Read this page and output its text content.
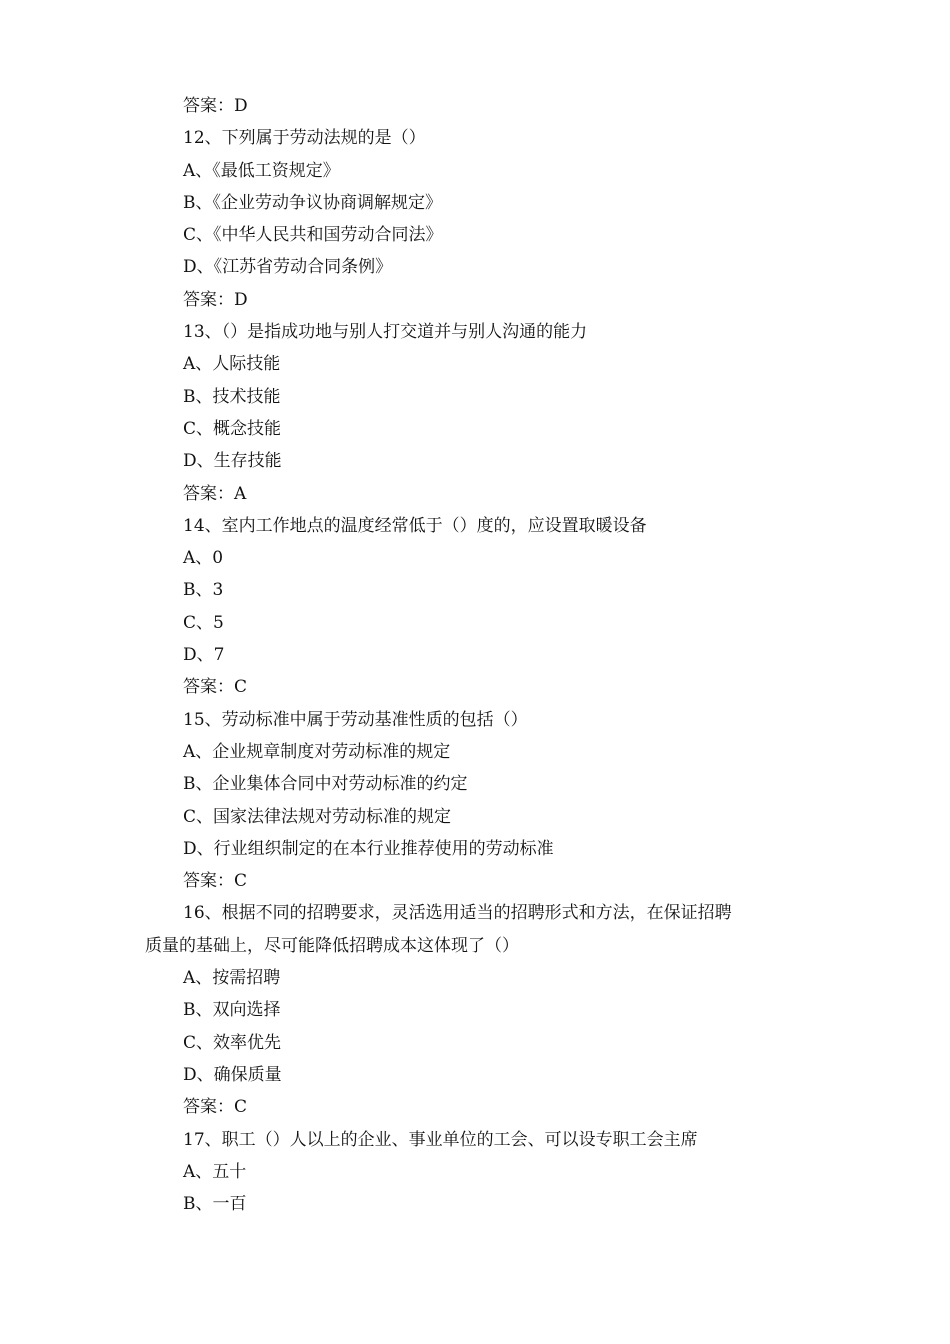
答案：D
12、下列属于劳动法规的是（）
A、《最低工资规定》
B、《企业劳动争议协商调解规定》
C、《中华人民共和国劳动合同法》
D、《江苏省劳动合同条例》
答案：D
13、（）是指成功地与别人打交道并与别人沟通的能力
A、人际技能
B、技术技能
C、概念技能
D、生存技能
答案：A
14、室内工作地点的温度经常低于（）度的，应设置取暖设备
A、0
B、3
C、5
D、7
答案：C
15、劳动标准中属于劳动基准性质的包括（）
A、企业规章制度对劳动标准的规定
B、企业集体合同中对劳动标准的约定
C、国家法律法规对劳动标准的规定
D、行业组织制定的在本行业推荐使用的劳动标准
答案：C
16、根据不同的招聘要求，灵活选用适当的招聘形式和方法，在保证招聘
质量的基础上，尽可能降低招聘成本这体现了（）
A、按需招聘
B、双向选择
C、效率优先
D、确保质量
答案：C
17、职工（）人以上的企业、事业单位的工会、可以设专职工会主席
A、五十
B、一百
